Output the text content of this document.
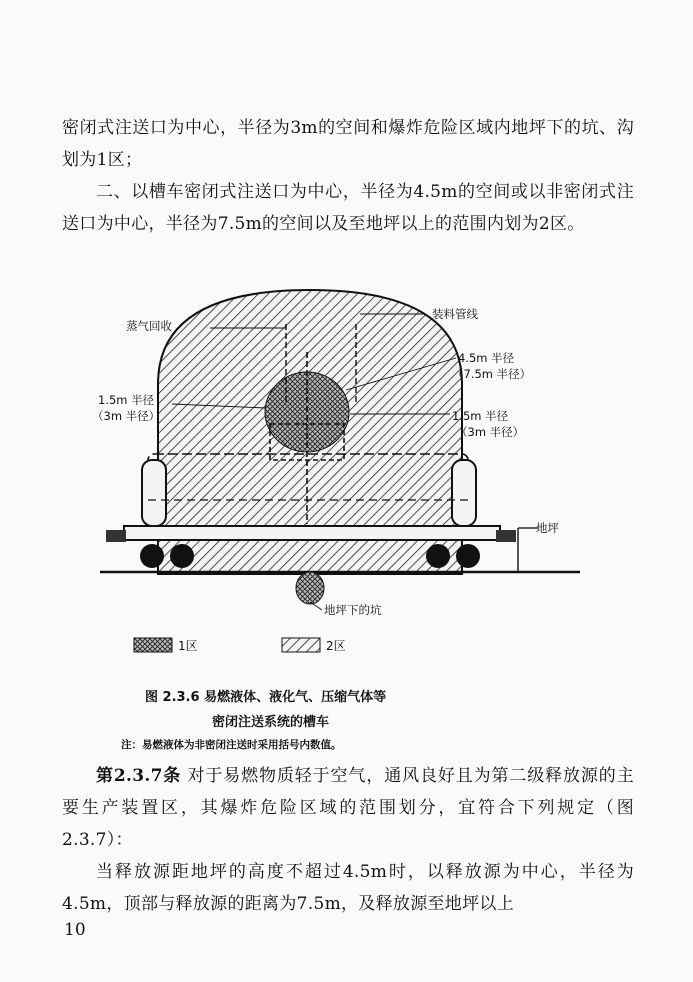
密闭式注送口为中心，半径为3m的空间和爆炸危险区域内地坪下的坑、沟划为1区；

二、以槽车密闭式注送口为中心，半径为4.5m的空间或以非密闭式注送口为中心，半径为7.5m的空间以及至地坪以上的范围内划为2区。

蒸气回收
装料管线
4.5m 半径
（7.5m 半径）
1.5m 半径
（3m 半径）	1.5m 半径
（3m 半径）
地坪
地坪下的坑
1区	2区
图 2.3.6 易燃液体、液化气、压缩气体等
密闭注送系统的槽车
注：易燃液体为非密闭注送时采用括号内数值。

第2.3.7条 对于易燃物质轻于空气，通风良好且为第二级释放源的主要生产装置区，其爆炸危险区域的范围划分，宜符合下列规定（图2.3.7）：

当释放源距地坪的高度不超过4.5m时，以释放源为中心，半径为4.5m，顶部与释放源的距离为7.5m，及释放源至地坪以上

10
